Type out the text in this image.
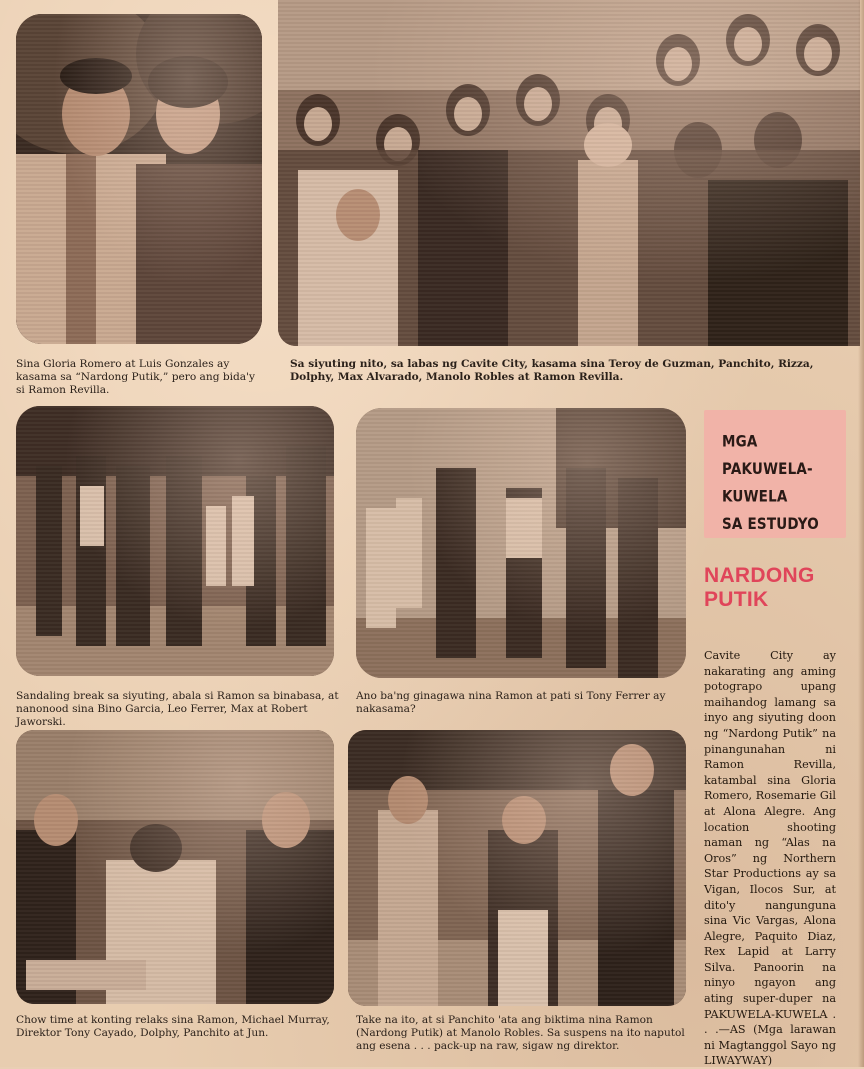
Sina Gloria Romero at Luis Gonzales ay kasama sa “Nardong Putik,” pero ang bida'y si Ramon Revilla.
Sa siyuting nito, sa labas ng Cavite City, kasama sina Teroy de Guzman, Panchito, Rizza, Dolphy, Max Alvarado, Manolo Robles at Ramon Revilla.
Sandaling break sa siyuting, abala si Ramon sa binabasa, at nanonood sina Bino Garcia, Leo Ferrer, Max at Robert Jaworski.
Ano ba'ng ginagawa nina Ramon at pati si Tony Ferrer ay nakasama?
Chow time at konting relaks sina Ramon, Michael Murray, Direktor Tony Cayado, Dolphy, Panchito at Jun.
Take na ito, at si Panchito 'ata ang biktima nina Ramon (Nardong Putik) at Manolo Robles. Sa suspens na ito naputol ang esena . . . pack-up na raw, sigaw ng direktor.
MGA PAKUWELA-
KUWELA
SA ESTUDYO
NARDONG
PUTIK
Cavite City ay nakarating ang aming potograpo upang maihandog lamang sa inyo ang siyuting doon ng “Nardong Putik” na pinangunahan ni Ramon Revilla, katambal sina Gloria Romero, Rosemarie Gil at Alona Alegre. Ang location shooting naman ng “Alas na Oros” ng Northern Star Productions ay sa Vigan, Ilocos Sur, at dito'y nangunguna sina Vic Vargas, Alona Alegre, Paquito Diaz, Rex Lapid at Larry Silva. Panoorin na ninyo ngayon ang ating super-duper na PAKUWELA-KUWELA . . .—AS (Mga larawan ni Magtanggol Sayo ng LIWAYWAY)
